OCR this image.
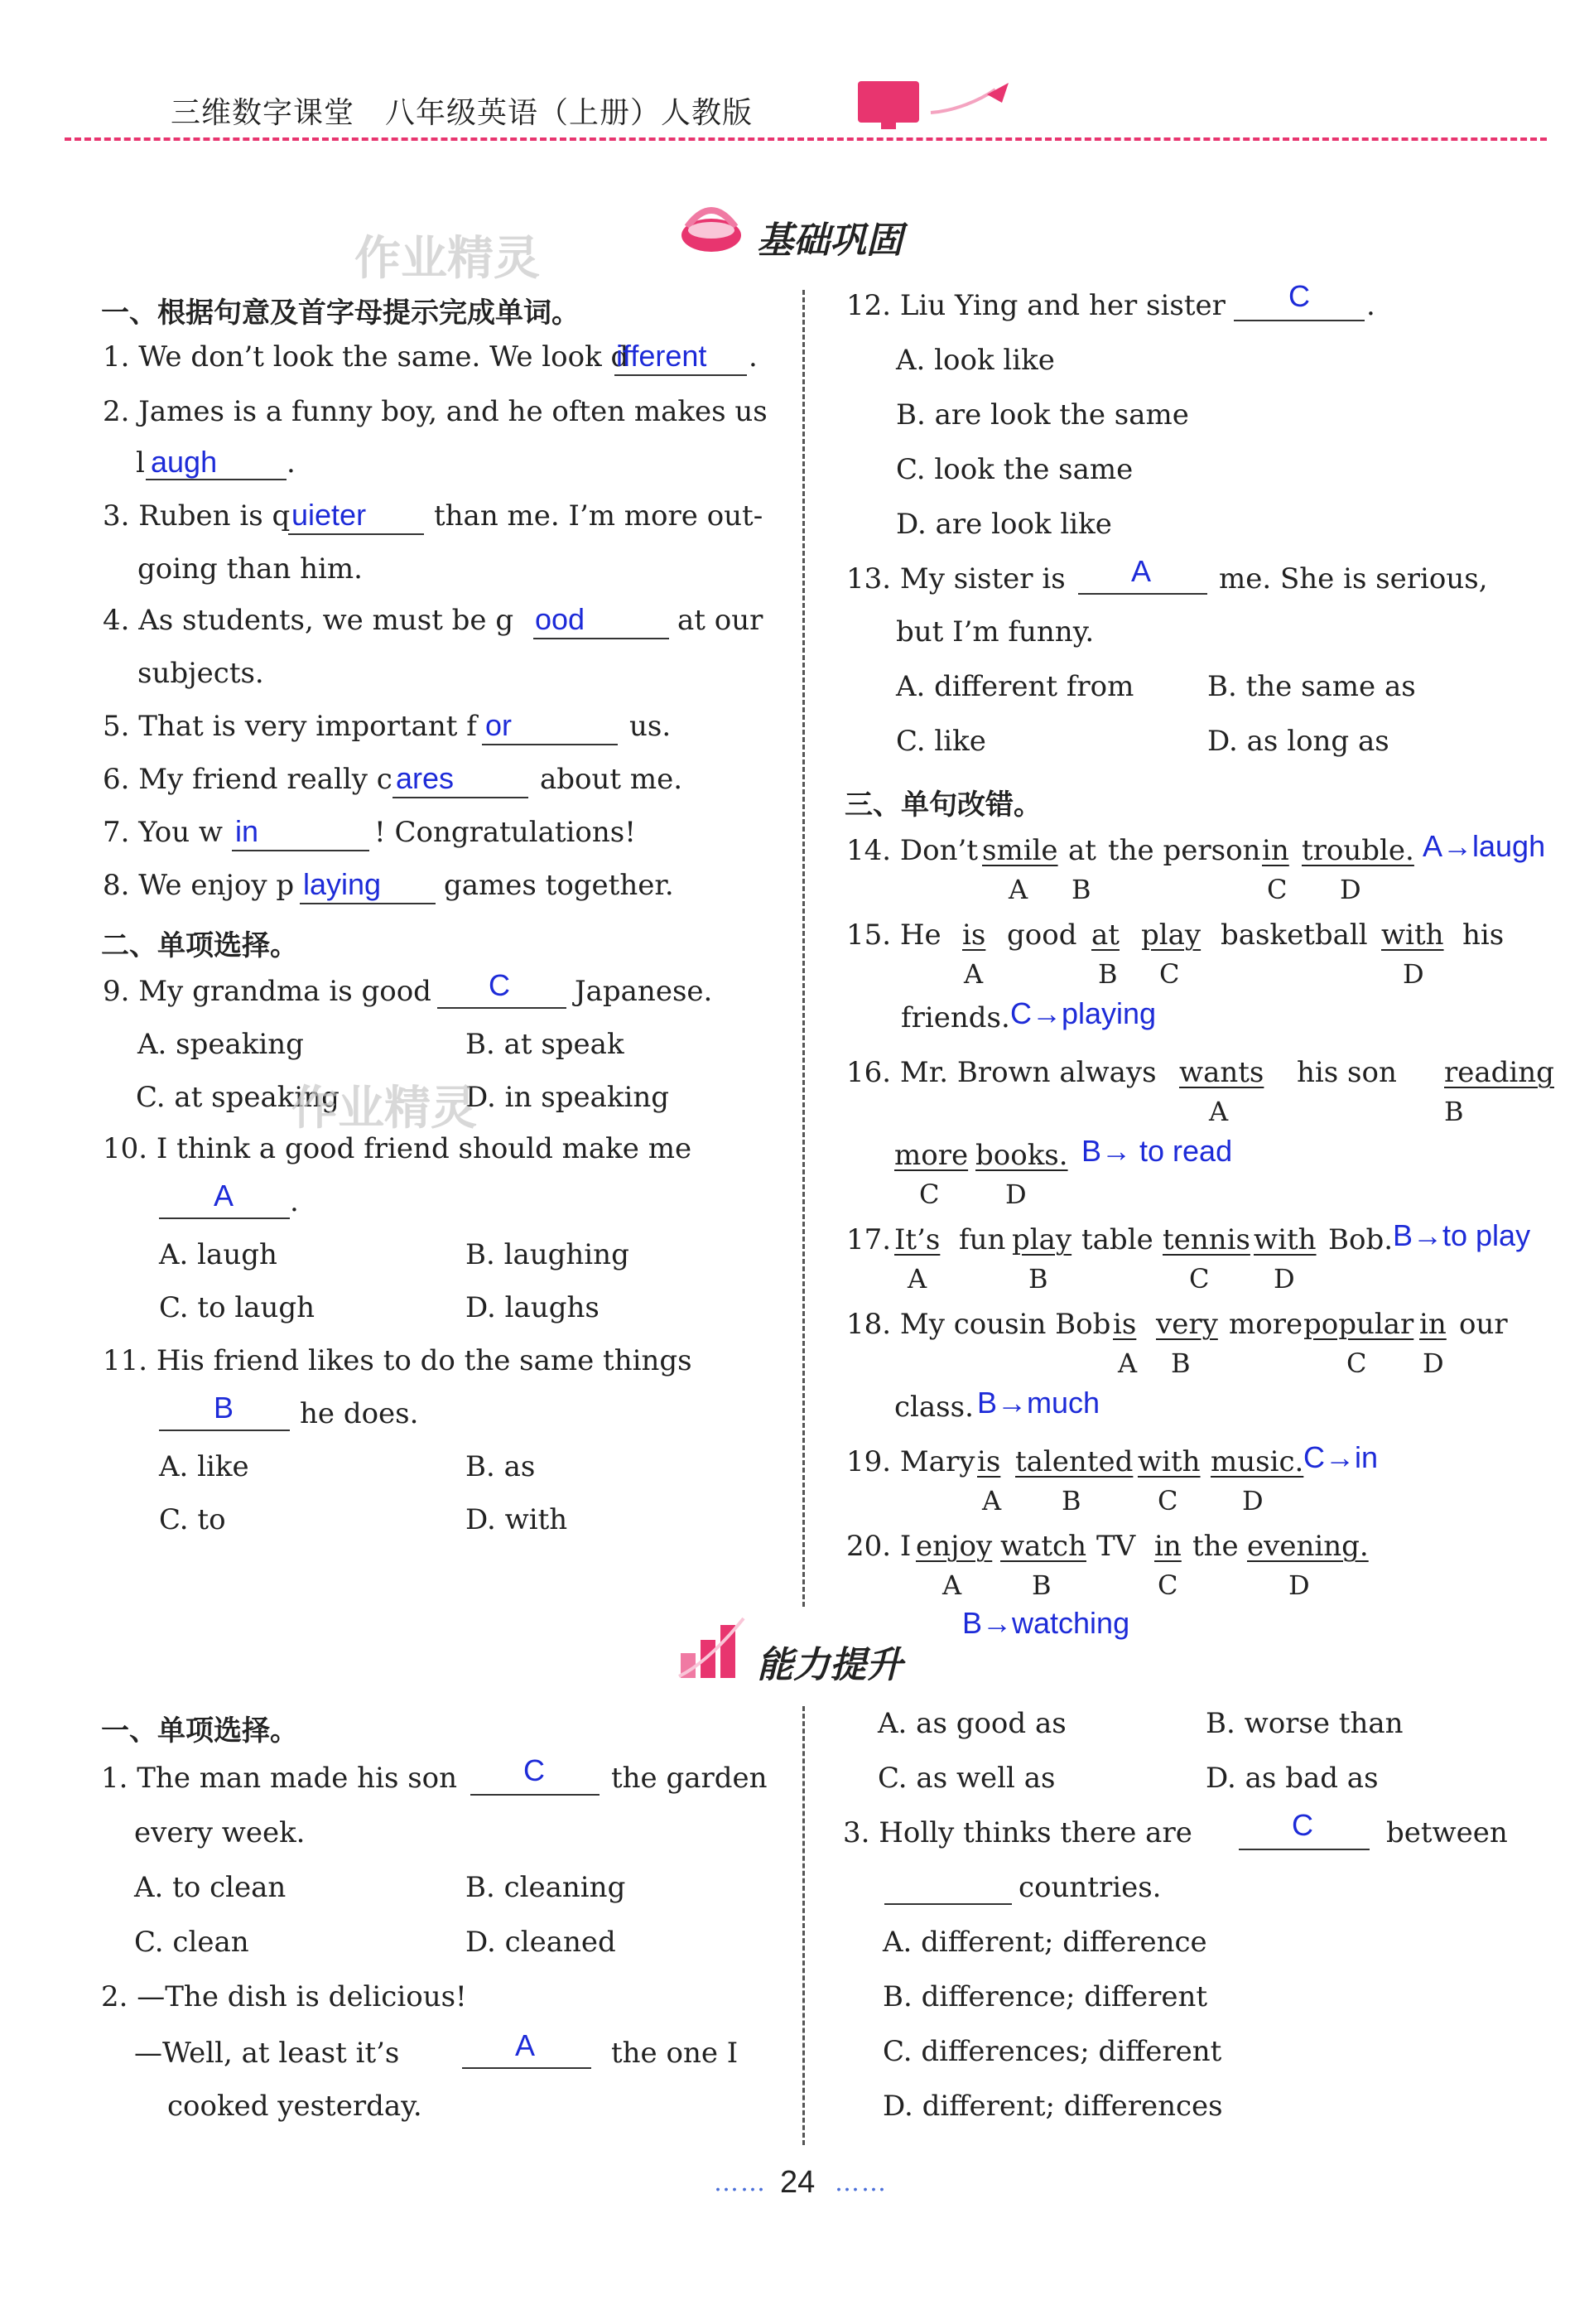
三维数字课堂　八年级英语（上册）人教版
作业精灵	基础巩固
一、根据句意及首字母提示完成单词。
1. We don’t look the same. We look d
ifferent .
2. James is a funny boy, and he often makes us
l augh .
3. Ruben is q uieter than me. I’m more out-
going than him.
4. As students, we must be g ood	at our
subjects.
5. That is very important f or	us.
6. My friend really c ares	about me.
7. You w in	! Congratulations!
8. We enjoy p laying games together.
二、单项选择。
9. My grandma is good C Japanese.
A. speaking	B. at speak
C. at speaking	D. in speaking
作业精灵
10. I think a good friend should make me
A .
A. laugh	B. laughing
C. to laugh	D. laughs
11. His friend likes to do the same things
B he does.
A. like	B. as
C. to	D. with
12. Liu Ying and her sister C .
A. look like
B. are look the same
C. look the same
D. are look like
13. My sister is A me. She is serious,
but I’m funny.
A. different from	B. the same as
C. like	D. as long as
三、单句改错。
14. Don’t smile at the person in trouble. A→laugh
A B	C D
15. He is good at play basketball with his
A	B C	D
friends. C→playing
16. Mr. Brown always wants his son reading
A	B
more books. B→ to read
C D
17. It’s fun play table tennis with Bob. B→to play
A	B	C D
18. My cousin Bob is very more popular in our
A B	C D
class. B→much
19. Mary is talented with music. C→in
A B	C D
20. I enjoy watch TV in the evening.
A	B	C	D
B→watching
能力提升
一、单项选择。
1. The man made his son C the garden
every week.
A. to clean	B. cleaning
C. clean	D. cleaned
2. —The dish is delicious!
—Well, at least it’s	A	the one I
cooked yesterday.
A. as good as	B. worse than
C. as well as	D. as bad as
3. Holly thinks there are	C	between
countries.
A. different; difference
B. difference; different
C. differences; different
D. different; differences
…… 24 ……
